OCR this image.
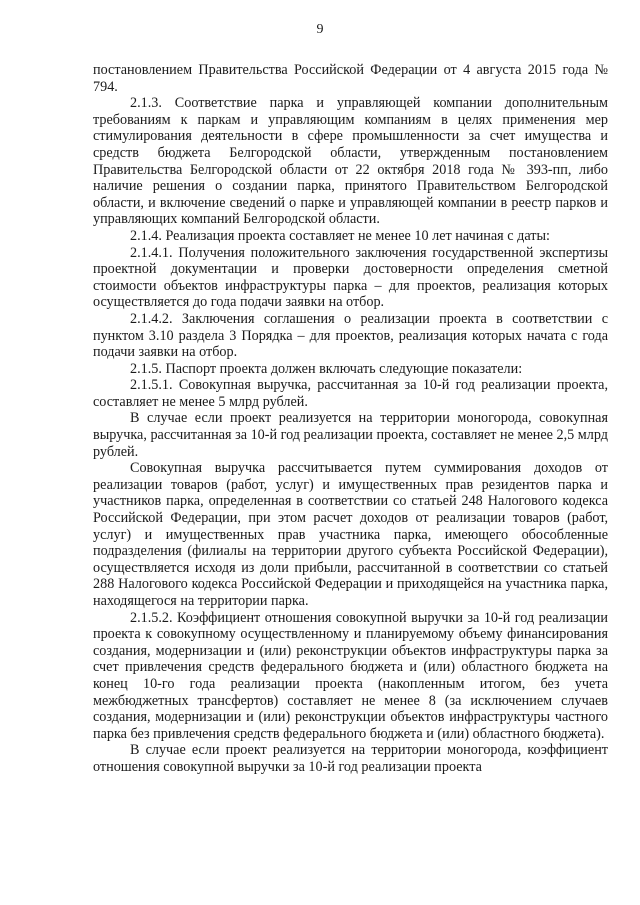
9

постановлением Правительства Российской Федерации от 4 августа 2015 года № 794.

2.1.3. Соответствие парка и управляющей компании дополнительным требованиям к паркам и управляющим компаниям в целях применения мер стимулирования деятельности в сфере промышленности за счет имущества и средств бюджета Белгородской области, утвержденным постановлением Правительства Белгородской области от 22 октября 2018 года № 393-пп, либо наличие решения о создании парка, принятого Правительством Белгородской области, и включение сведений о парке и управляющей компании в реестр парков и управляющих компаний Белгородской области.

2.1.4. Реализация проекта составляет не менее 10 лет начиная с даты:

2.1.4.1. Получения положительного заключения государственной экспертизы проектной документации и проверки достоверности определения сметной стоимости объектов инфраструктуры парка – для проектов, реализация которых осуществляется до года подачи заявки на отбор.

2.1.4.2. Заключения соглашения о реализации проекта в соответствии с пунктом 3.10 раздела 3 Порядка – для проектов, реализация которых начата с года подачи заявки на отбор.

2.1.5. Паспорт проекта должен включать следующие показатели:

2.1.5.1. Совокупная выручка, рассчитанная за 10-й год реализации проекта, составляет не менее 5 млрд рублей.

В случае если проект реализуется на территории моногорода, совокупная выручка, рассчитанная за 10-й год реализации проекта, составляет не менее 2,5 млрд рублей.

Совокупная выручка рассчитывается путем суммирования доходов от реализации товаров (работ, услуг) и имущественных прав резидентов парка и участников парка, определенная в соответствии со статьей 248 Налогового кодекса Российской Федерации, при этом расчет доходов от реализации товаров (работ, услуг) и имущественных прав участника парка, имеющего обособленные подразделения (филиалы на территории другого субъекта Российской Федерации), осуществляется исходя из доли прибыли, рассчитанной в соответствии со статьей 288 Налогового кодекса Российской Федерации и приходящейся на участника парка, находящегося на территории парка.

2.1.5.2. Коэффициент отношения совокупной выручки за 10-й год реализации проекта к совокупному осуществленному и планируемому объему финансирования создания, модернизации и (или) реконструкции объектов инфраструктуры парка за счет привлечения средств федерального бюджета и (или) областного бюджета на конец 10-го года реализации проекта (накопленным итогом, без учета межбюджетных трансфертов) составляет не менее 8 (за исключением случаев создания, модернизации и (или) реконструкции объектов инфраструктуры частного парка без привлечения средств федерального бюджета и (или) областного бюджета).

В случае если проект реализуется на территории моногорода, коэффициент отношения совокупной выручки за 10-й год реализации проекта
